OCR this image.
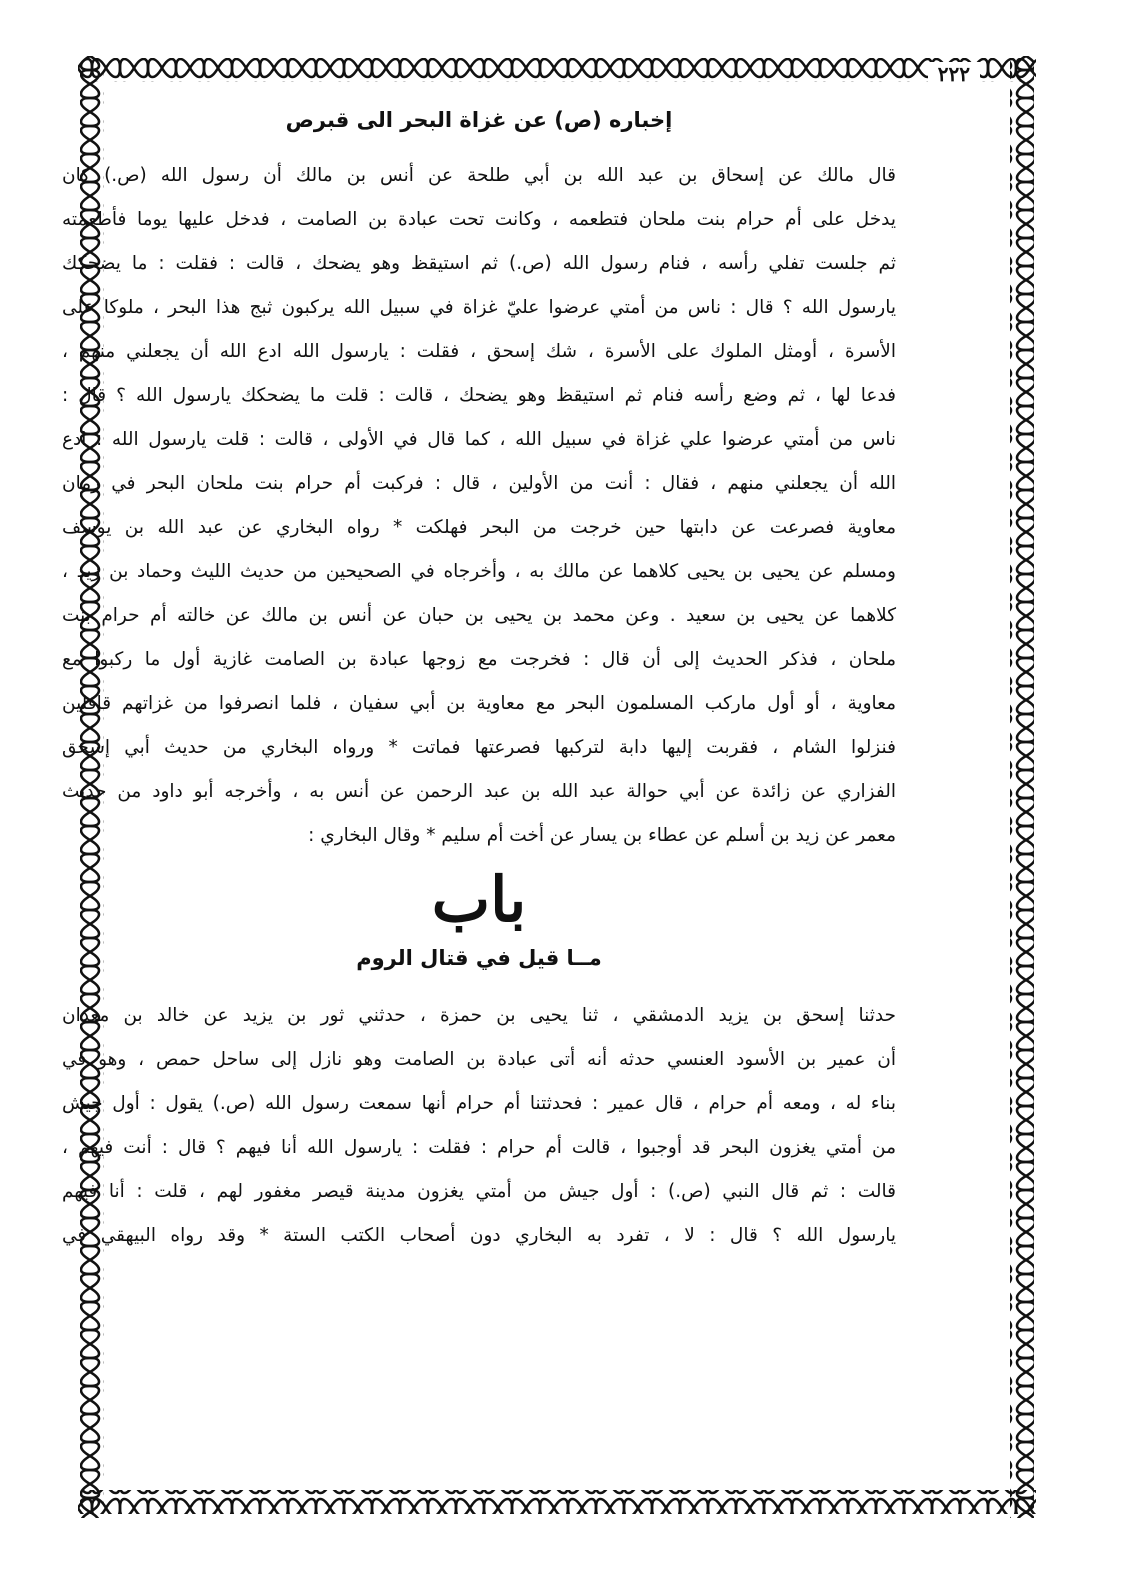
٢٢٢
إخباره (ص) عن غزاة البحر الى قبرص

قال مالك عن إسحاق بن عبد الله بن أبي طلحة عن أنس بن مالك أن رسول الله (ص.) كان

يدخل على أم حرام بنت ملحان فتطعمه ، وكانت تحت عبادة بن الصامت ، فدخل عليها يوما فأطعمته

ثم جلست تفلي رأسه ، فنام رسول الله (ص.) ثم استيقظ وهو يضحك ، قالت : فقلت : ما يضحكك

يارسول الله ؟ قال : ناس من أمتي عرضوا عليّ غزاة في سبيل الله يركبون ثبج هذا البحر ، ملوكا على

الأسرة ، أومثل الملوك على الأسرة ، شك إسحق ، فقلت : يارسول الله ادع الله أن يجعلني منهم ،

فدعا لها ، ثم وضع رأسه فنام ثم استيقظ وهو يضحك ، قالت : قلت ما يضحكك يارسول الله ؟ قال :

ناس من أمتي عرضوا علي غزاة في سبيل الله ، كما قال في الأولى ، قالت : قلت يارسول الله : ادع

الله أن يجعلني منهم ، فقال : أنت من الأولين ، قال : فركبت أم حرام بنت ملحان البحر في زمان

معاوية فصرعت عن دابتها حين خرجت من البحر فهلكت * رواه البخاري عن عبد الله بن يوسف

ومسلم عن يحيى بن يحيى كلاهما عن مالك به ، وأخرجاه في الصحيحين من حديث الليث وحماد بن زيد ،

كلاهما عن يحيى بن سعيد . وعن محمد بن يحيى بن حبان عن أنس بن مالك عن خالته أم حرام بنت

ملحان ، فذكر الحديث إلى أن قال : فخرجت مع زوجها عبادة بن الصامت غازية أول ما ركبوا مع

معاوية ، أو أول ماركب المسلمون البحر مع معاوية بن أبي سفيان ، فلما انصرفوا من غزاتهم قافلين

فنزلوا الشام ، فقربت إليها دابة لتركبها فصرعتها فماتت * ورواه البخاري من حديث أبي إسحق

الفزاري عن زائدة عن أبي حوالة عبد الله بن عبد الرحمن عن أنس به ، وأخرجه أبو داود من حديث

معمر عن زيد بن أسلم عن عطاء بن يسار عن أخت أم سليم * وقال البخاري :

باب
مــا قيل في قتال الروم

حدثنا إسحق بن يزيد الدمشقي ، ثنا يحيى بن حمزة ، حدثني ثور بن يزيد عن خالد بن معدان

أن عمير بن الأسود العنسي حدثه أنه أتى عبادة بن الصامت وهو نازل إلى ساحل حمص ، وهو في

بناء له ، ومعه أم حرام ، قال عمير : فحدثتنا أم حرام أنها سمعت رسول الله (ص.) يقول : أول جيش

من أمتي يغزون البحر قد أوجبوا ، قالت أم حرام : فقلت : يارسول الله أنا فيهم ؟ قال : أنت فيهم ،

قالت : ثم قال النبي (ص.) : أول جيش من أمتي يغزون مدينة قيصر مغفور لهم ، قلت : أنا فيهم

يارسول الله ؟ قال : لا ، تفرد به البخاري دون أصحاب الكتب الستة * وقد رواه البيهقي في
